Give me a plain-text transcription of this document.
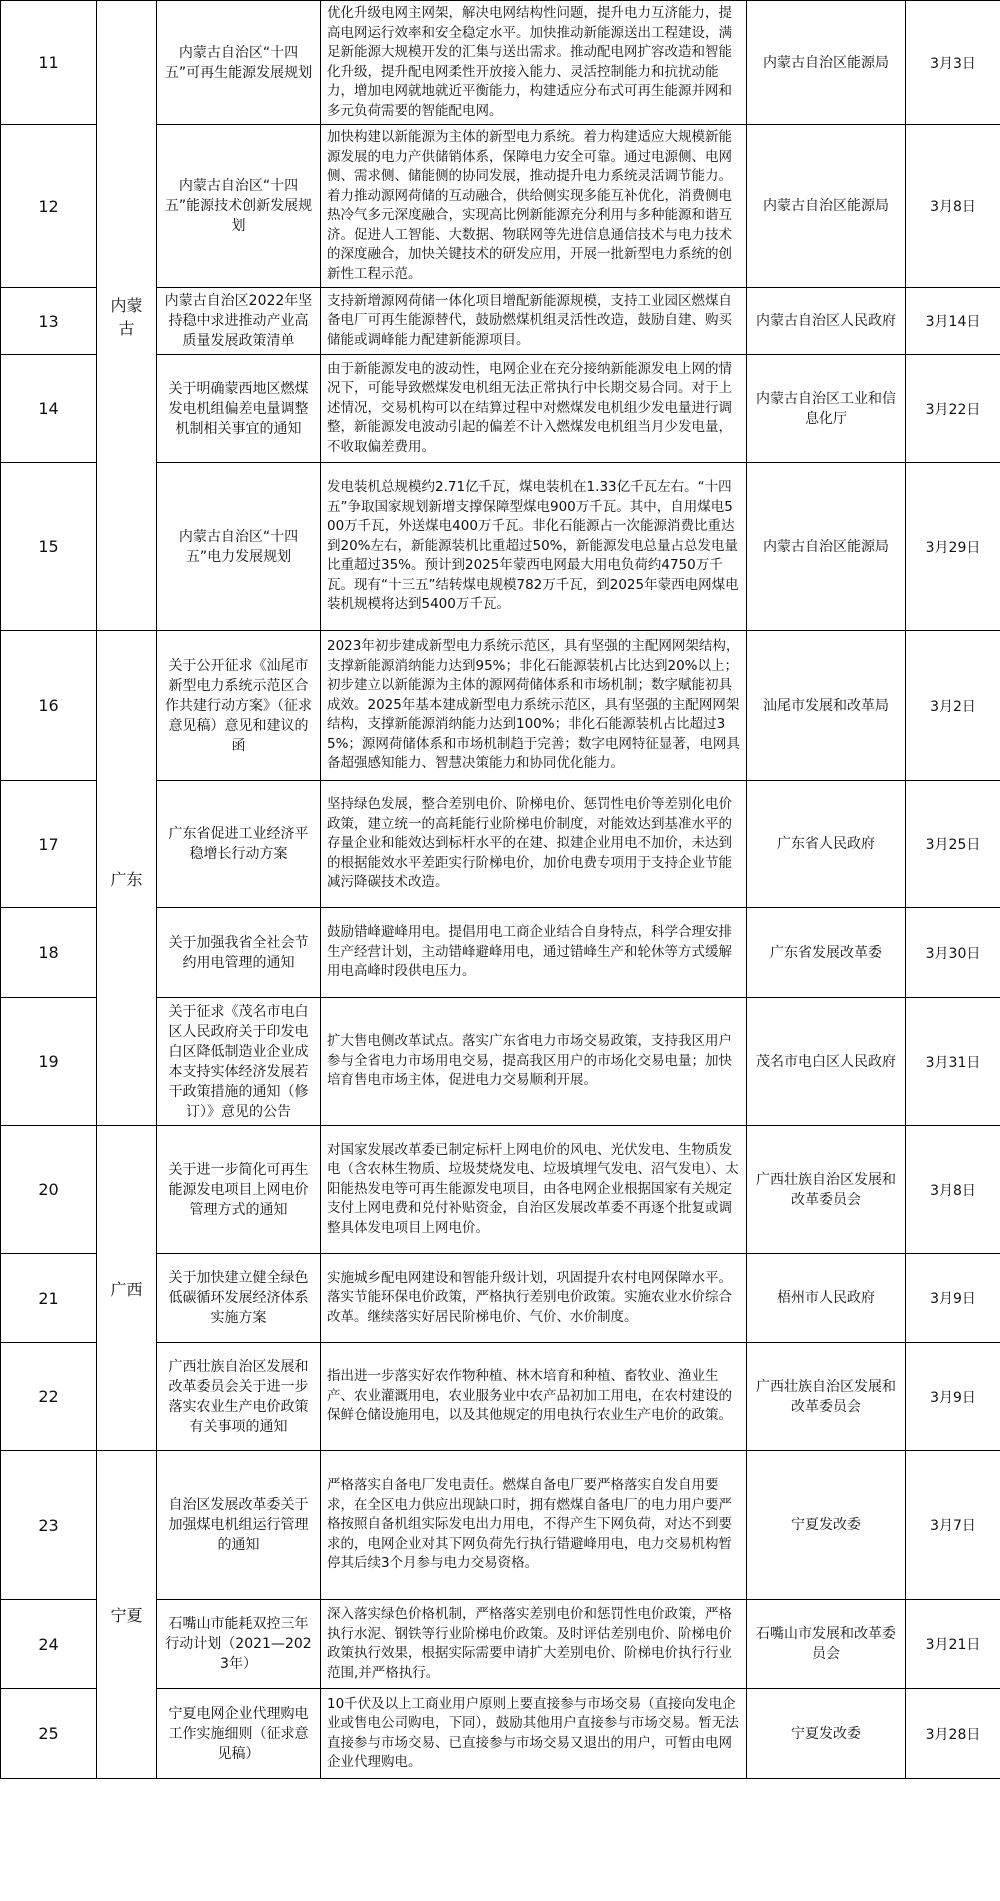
11	内蒙古	内蒙古自治区“十四五”可再生能源发展规划	优化升级电网主网架，解决电网结构性问题，提升电力互济能力，提高电网运行效率和安全稳定水平。加快推动新能源送出工程建设，满足新能源大规模开发的汇集与送出需求。推动配电网扩容改造和智能化升级，提升配电网柔性开放接入能力、灵活控制能力和抗扰动能力，增加电网就地就近平衡能力，构建适应分布式可再生能源并网和多元负荷需要的智能配电网。	内蒙古自治区能源局	3月3日
12		内蒙古自治区“十四五”能源技术创新发展规划	加快构建以新能源为主体的新型电力系统。着力构建适应大规模新能源发展的电力产供储销体系，保障电力安全可靠。通过电源侧、电网侧、需求侧、储能侧的协同发展，推动提升电力系统灵活调节能力。着力推动源网荷储的互动融合，供给侧实现多能互补优化，消费侧电热冷气多元深度融合，实现高比例新能源充分利用与多种能源和谐互济。促进人工智能、大数据、物联网等先进信息通信技术与电力技术的深度融合，加快关键技术的研发应用，开展一批新型电力系统的创新性工程示范。	内蒙古自治区能源局	3月8日
13		内蒙古自治区2022年坚持稳中求进推动产业高质量发展政策清单	支持新增源网荷储一体化项目增配新能源规模，支持工业园区燃煤自备电厂可再生能源替代，鼓励燃煤机组灵活性改造，鼓励自建、购买储能或调峰能力配建新能源项目。	内蒙古自治区人民政府	3月14日
14		关于明确蒙西地区燃煤发电机组偏差电量调整机制相关事宜的通知	由于新能源发电的波动性，电网企业在充分接纳新能源发电上网的情况下，可能导致燃煤发电机组无法正常执行中长期交易合同。对于上述情况，交易机构可以在结算过程中对燃煤发电机组少发电量进行调整，新能源发电波动引起的偏差不计入燃煤发电机组当月少发电量，不收取偏差费用。	内蒙古自治区工业和信息化厅	3月22日
15		内蒙古自治区“十四五”电力发展规划	发电装机总规模约2.71亿千瓦，煤电装机在1.33亿千瓦左右。“十四五”争取国家规划新增支撑保障型煤电900万千瓦。其中，自用煤电500万千瓦，外送煤电400万千瓦。非化石能源占一次能源消费比重达到20%左右，新能源装机比重超过50%，新能源发电总量占总发电量比重超过35%。预计到2025年蒙西电网最大用电负荷约4750万千瓦。现有“十三五”结转煤电规模782万千瓦，到2025年蒙西电网煤电装机规模将达到5400万千瓦。	内蒙古自治区能源局	3月29日
16	广东	关于公开征求《汕尾市新型电力系统示范区合作共建行动方案》（征求意见稿）意见和建议的函	2023年初步建成新型电力系统示范区，具有坚强的主配网网架结构，支撑新能源消纳能力达到95%；非化石能源装机占比达到20%以上；初步建立以新能源为主体的源网荷储体系和市场机制；数字赋能初具成效。2025年基本建成新型电力系统示范区，具有坚强的主配网网架结构，支撑新能源消纳能力达到100%；非化石能源装机占比超过35%；源网荷储体系和市场机制趋于完善；数字电网特征显著，电网具备超强感知能力、智慧决策能力和协同优化能力。	汕尾市发展和改革局	3月2日
17		广东省促进工业经济平稳增长行动方案	坚持绿色发展，整合差别电价、阶梯电价、惩罚性电价等差别化电价政策，建立统一的高耗能行业阶梯电价制度，对能效达到基准水平的存量企业和能效达到标杆水平的在建、拟建企业用电不加价，未达到的根据能效水平差距实行阶梯电价，加价电费专项用于支持企业节能减污降碳技术改造。	广东省人民政府	3月25日
18		关于加强我省全社会节约用电管理的通知	鼓励错峰避峰用电。提倡用电工商企业结合自身特点，科学合理安排生产经营计划，主动错峰避峰用电，通过错峰生产和轮休等方式缓解用电高峰时段供电压力。	广东省发展改革委	3月30日
19		关于征求《茂名市电白区人民政府关于印发电白区降低制造业企业成本支持实体经济发展若干政策措施的通知（修订）》意见的公告	扩大售电侧改革试点。落实广东省电力市场交易政策，支持我区用户参与全省电力市场用电交易，提高我区用户的市场化交易电量；加快培育售电市场主体，促进电力交易顺利开展。	茂名市电白区人民政府	3月31日
20	广西	关于进一步简化可再生能源发电项目上网电价管理方式的通知	对国家发展改革委已制定标杆上网电价的风电、光伏发电、生物质发电（含农林生物质、垃圾焚烧发电、垃圾填埋气发电、沼气发电）、太阳能热发电等可再生能源发电项目，由各电网企业根据国家有关规定支付上网电费和兑付补贴资金，自治区发展改革委不再逐个批复或调整具体发电项目上网电价。	广西壮族自治区发展和改革委员会	3月8日
21		关于加快建立健全绿色低碳循环发展经济体系实施方案	实施城乡配电网建设和智能升级计划，巩固提升农村电网保障水平。落实节能环保电价政策，严格执行差别电价政策。实施农业水价综合改革。继续落实好居民阶梯电价、气价、水价制度。	梧州市人民政府	3月9日
22		广西壮族自治区发展和改革委员会关于进一步落实农业生产电价政策有关事项的通知	指出进一步落实好农作物种植、林木培育和种植、畜牧业、渔业生产、农业灌溉用电，农业服务业中农产品初加工用电，在农村建设的保鲜仓储设施用电，以及其他规定的用电执行农业生产电价的政策。	广西壮族自治区发展和改革委员会	3月9日
23	宁夏	自治区发展改革委关于加强煤电机组运行管理的通知	严格落实自备电厂发电责任。燃煤自备电厂要严格落实自发自用要求，在全区电力供应出现缺口时，拥有燃煤自备电厂的电力用户要严格按照自备机组实际发电出力用电，不得产生下网负荷，对达不到要求的，电网企业对其下网负荷先行执行错避峰用电，电力交易机构暂停其后续3个月参与电力交易资格。	宁夏发改委	3月7日
24		石嘴山市能耗双控三年行动计划（2021—2023年）	深入落实绿色价格机制，严格落实差别电价和惩罚性电价政策，严格执行水泥、钢铁等行业阶梯电价政策。及时评估差别电价、阶梯电价政策执行效果，根据实际需要申请扩大差别电价、阶梯电价执行行业范围,并严格执行。	石嘴山市发展和改革委员会	3月21日
25		宁夏电网企业代理购电工作实施细则（征求意见稿）	10千伏及以上工商业用户原则上要直接参与市场交易（直接向发电企业或售电公司购电，下同），鼓励其他用户直接参与市场交易。暂无法直接参与市场交易、已直接参与市场交易又退出的用户，可暂由电网企业代理购电。	宁夏发改委	3月28日
